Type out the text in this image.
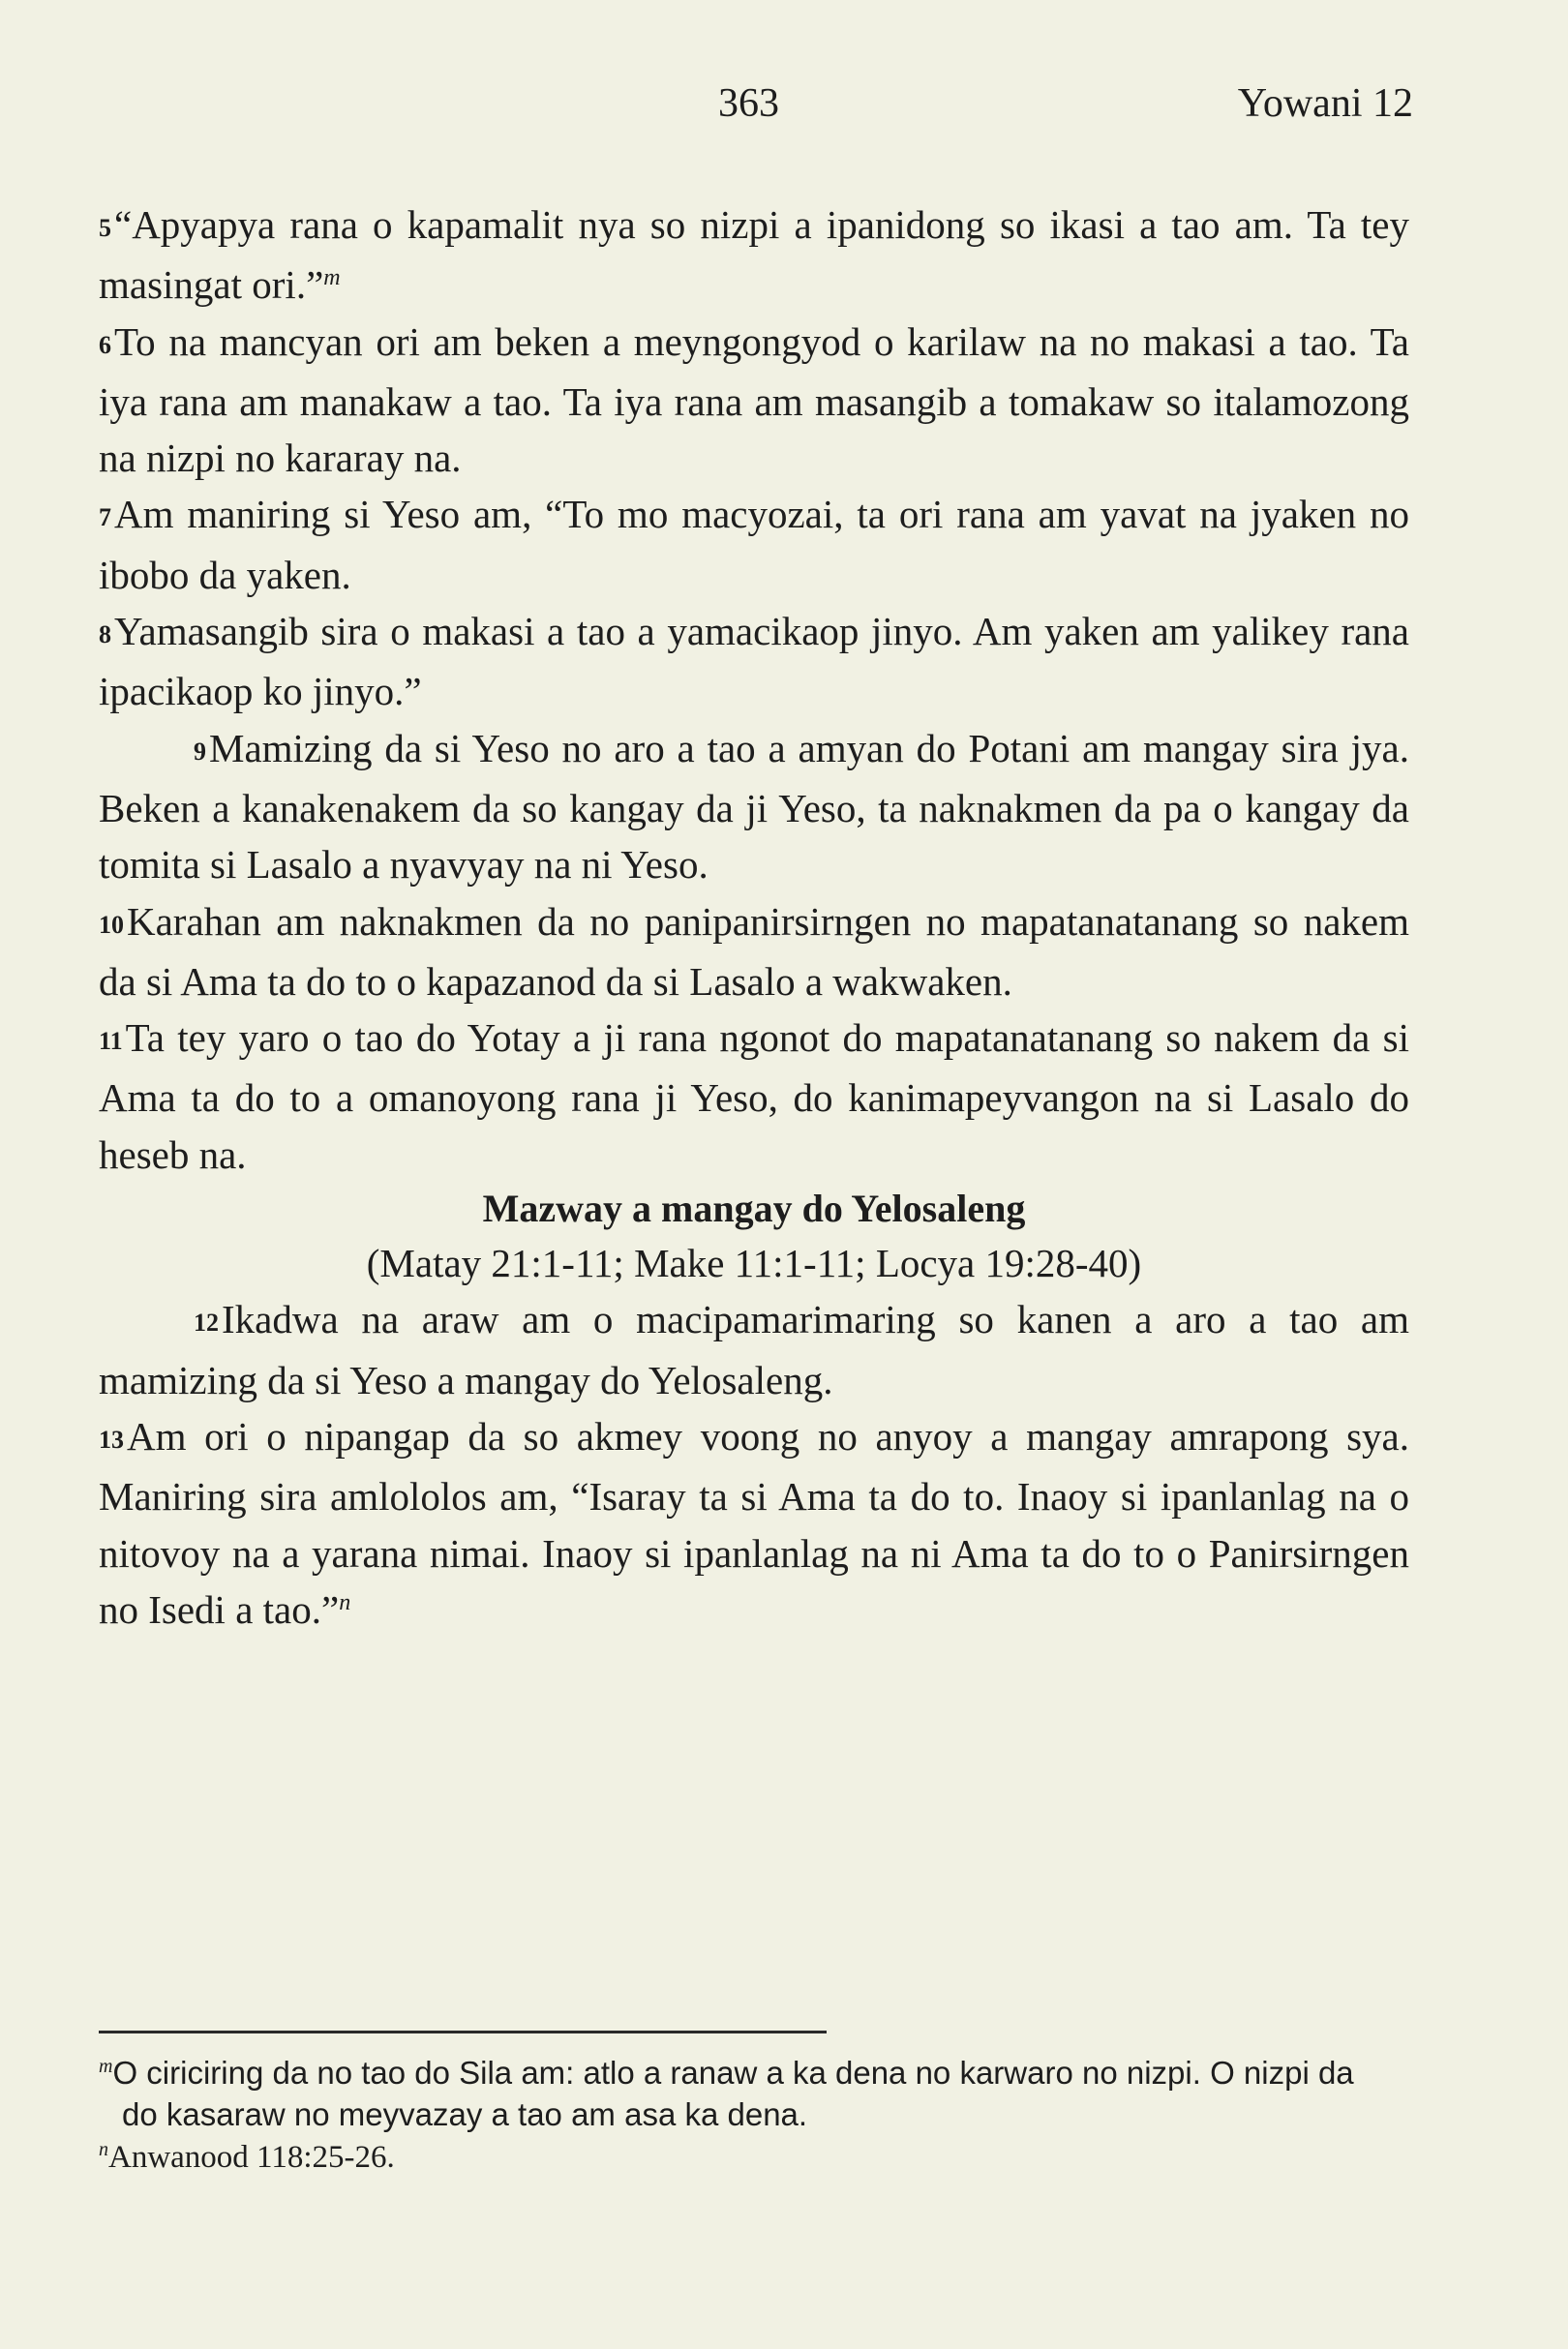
363	Yowani 12

5“Apyapya rana o kapamalit nya so nizpi a ipanidong so ikasi a tao am. Ta tey masingat ori.”$^m$

6To na mancyan ori am beken a meyngongyod o karilaw na no makasi a tao. Ta iya rana am manakaw a tao. Ta iya rana am masangib a tomakaw so italamozong na nizpi no kararay na.

7Am maniring si Yeso am, “To mo macyozai, ta ori rana am yavat na jyaken no ibobo da yaken.

8Yamasangib sira o makasi a tao a yamacikaop jinyo. Am yaken am yalikey rana ipacikaop ko jinyo.”

9Mamizing da si Yeso no aro a tao a amyan do Potani am mangay sira jya. Beken a kanakenakem da so kangay da ji Yeso, ta naknakmen da pa o kangay da tomita si Lasalo a nyavyay na ni Yeso.

10Karahan am naknakmen da no panipanirsirngen no mapatanatanang so nakem da si Ama ta do to o kapazanod da si Lasalo a wakwaken.

11Ta tey yaro o tao do Yotay a ji rana ngonot do mapatanatanang so nakem da si Ama ta do to a omanoyong rana ji Yeso, do kanimapeyvangon na si Lasalo do heseb na.

Mazway a mangay do Yelosaleng

(Matay 21:1-11; Make 11:1-11; Locya 19:28-40)

12Ikadwa na araw am o macipamarimaring so kanen a aro a tao am mamizing da si Yeso a mangay do Yelosaleng.

13Am ori o nipangap da so akmey voong no anyoy a mangay amrapong sya. Maniring sira amlololos am, “Isaray ta si Ama ta do to. Inaoy si ipanlanlag na o nitovoy na a yarana nimai. Inaoy si ipanlanlag na ni Ama ta do to o Panirsirngen no Isedi a tao.”$^n$

$^m$O ciriciring da no tao do Sila am: atlo a ranaw a ka dena no karwaro no nizpi. O nizpi da do kasaraw no meyvazay a tao am asa ka dena.

$^n$Anwanood 118:25-26.
